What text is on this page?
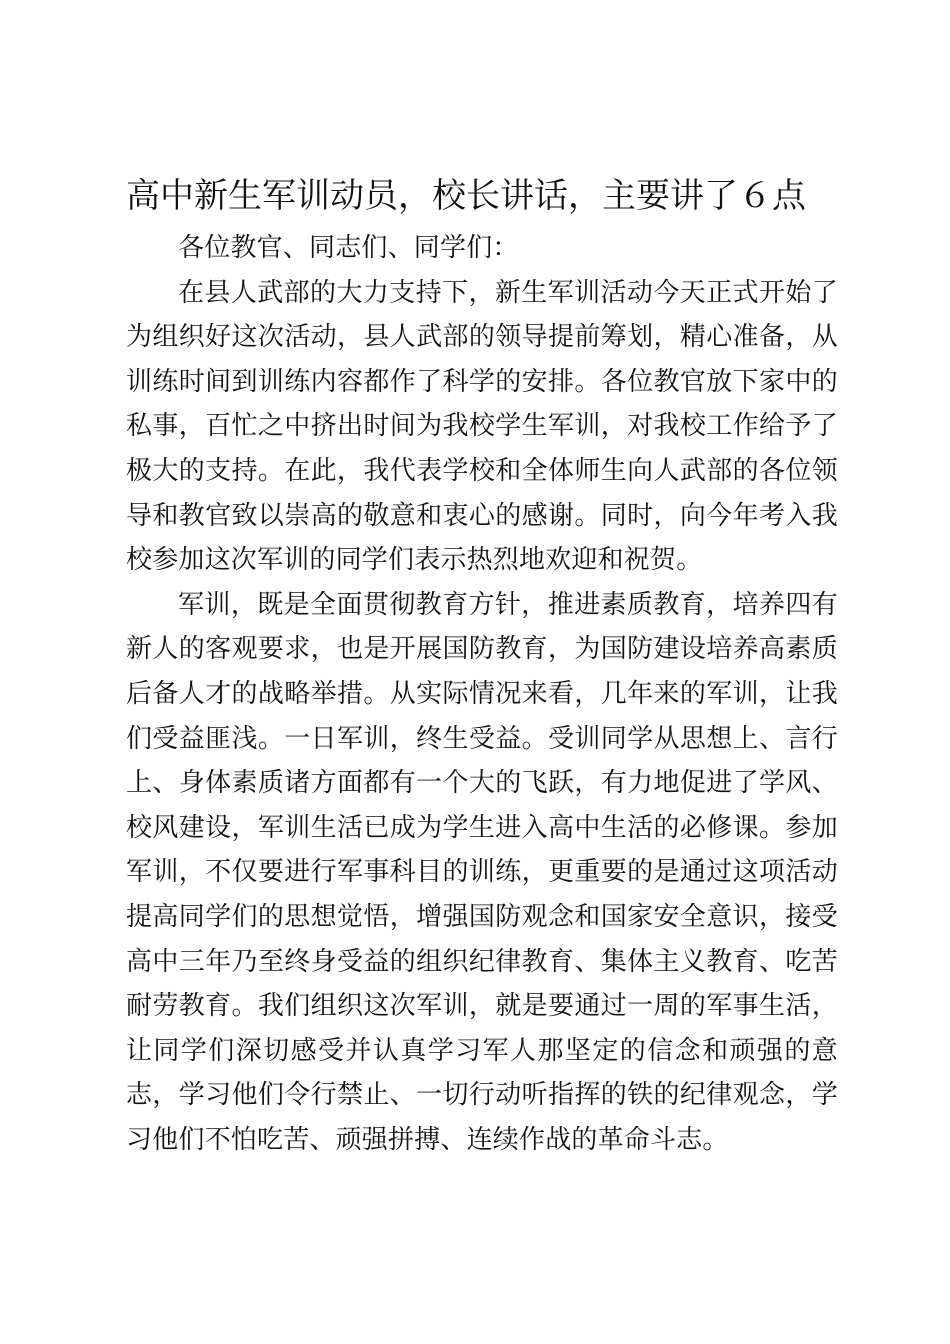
高中新生军训动员，校长讲话，主要讲了６点

各位教官、同志们、同学们：

在县人武部的大力支持下，新生军训活动今天正式开始了为组织好这次活动，县人武部的领导提前筹划，精心准备，从训练时间到训练内容都作了科学的安排。各位教官放下家中的私事，百忙之中挤出时间为我校学生军训，对我校工作给予了极大的支持。在此，我代表学校和全体师生向人武部的各位领导和教官致以崇高的敬意和衷心的感谢。同时，向今年考入我校参加这次军训的同学们表示热烈地欢迎和祝贺。

军训，既是全面贯彻教育方针，推进素质教育，培养四有新人的客观要求，也是开展国防教育，为国防建设培养高素质后备人才的战略举措。从实际情况来看，几年来的军训，让我们受益匪浅。一日军训，终生受益。受训同学从思想上、言行上、身体素质诸方面都有一个大的飞跃，有力地促进了学风、校风建设，军训生活已成为学生进入高中生活的必修课。参加军训，不仅要进行军事科目的训练，更重要的是通过这项活动提高同学们的思想觉悟，增强国防观念和国家安全意识，接受高中三年乃至终身受益的组织纪律教育、集体主义教育、吃苦耐劳教育。我们组织这次军训，就是要通过一周的军事生活，让同学们深切感受并认真学习军人那坚定的信念和顽强的意志，学习他们令行禁止、一切行动听指挥的铁的纪律观念，学习他们不怕吃苦、顽强拼搏、连续作战的革命斗志。
